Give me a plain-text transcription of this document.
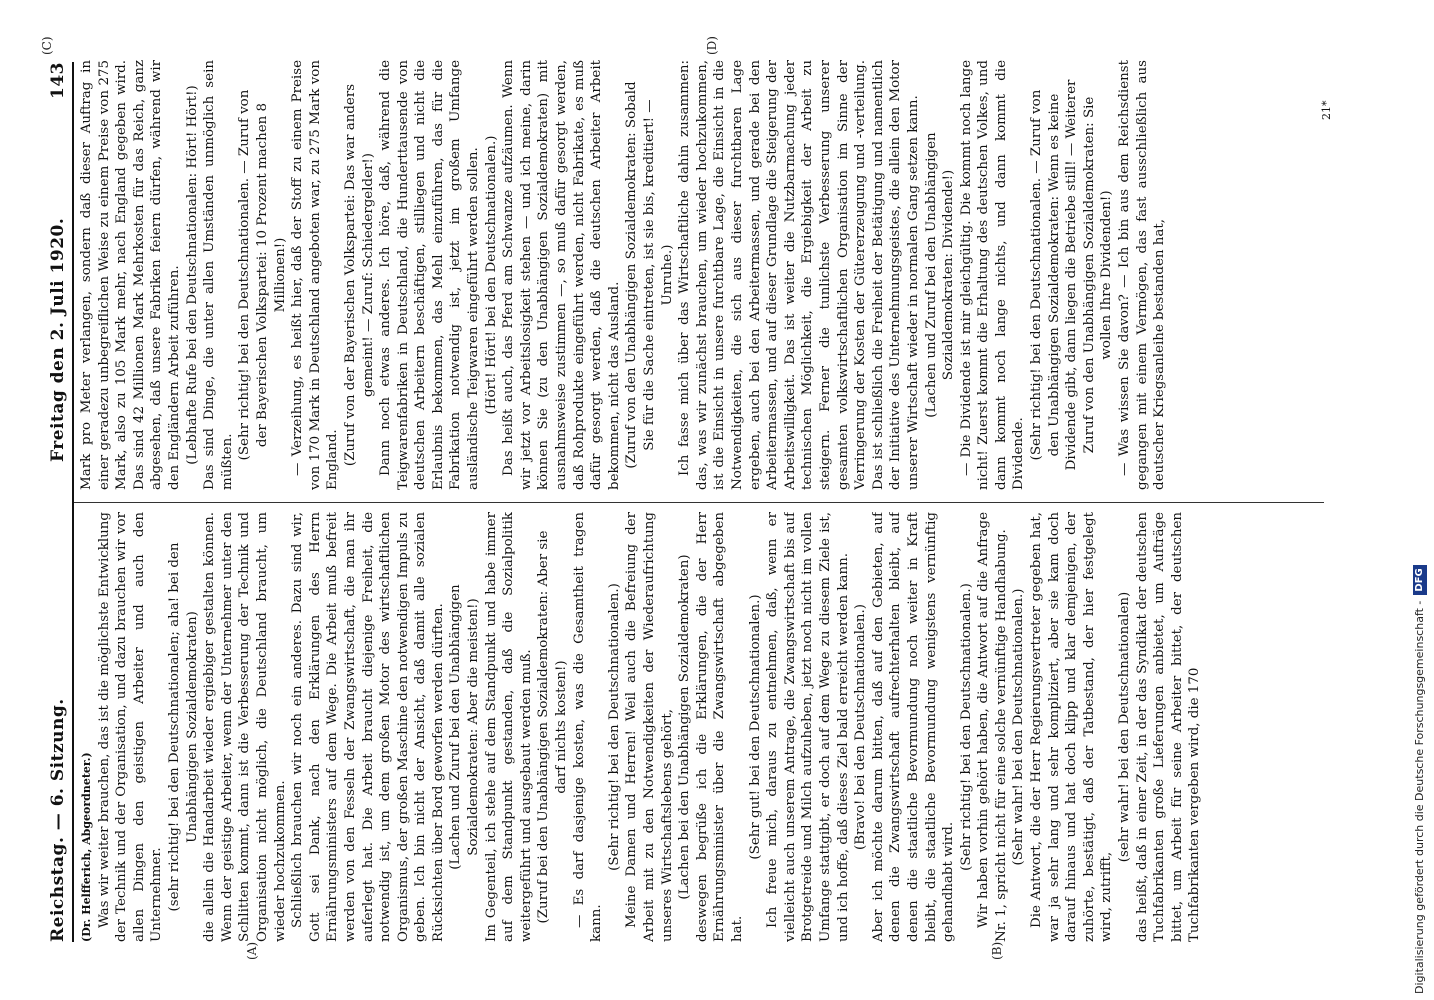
Reichstag. — 6. Sitzung.
Freitag den 2. Juli 1920.
143
(A)	(B)
(C)	(D)

(Dr. Helfferich, Abgeordneter.) Was wir weiter brauchen, das ist die möglichste Entwicklung der Technik und der Organisation, und dazu brauchen wir vor allen Dingen den geistigen Arbeiter und auch den Unternehmer. (sehr richtig! bei den Deutschnationalen; aha! bei den Unabhängigen Sozialdemokraten) die allein die Handarbeit wieder ergiebiger gestalten können. Wenn der geistige Arbeiter, wenn der Unternehmer unter den Schlitten kommt, dann ist die Verbesserung der Technik und Organisation nicht möglich, die Deutschland braucht, um wieder hochzukommen. Schließlich brauchen wir noch ein anderes. Dazu sind wir, Gott sei Dank, nach den Erklärungen des Herrn Ernährungsministers auf dem Wege. Die Arbeit muß befreit werden von den Fesseln der Zwangswirtschaft, die man ihr auferlegt hat. Die Arbeit braucht diejenige Freiheit, die notwendig ist, um dem großen Motor des wirtschaftlichen Organismus, der großen Maschine den notwendigen Impuls zu geben. Ich bin nicht der Ansicht, daß damit alle sozialen Rücksichten über Bord geworfen werden dürften. (Lachen und Zuruf bei den Unabhängigen Sozialdemokraten: Aber die meisten!) Im Gegenteil, ich stehe auf dem Standpunkt und habe immer auf dem Standpunkt gestanden, daß die Sozialpolitik weitergeführt und ausgebaut werden muß. (Zuruf bei den Unabhängigen Sozialdemokraten: Aber sie darf nichts kosten!) — Es darf dasjenige kosten, was die Gesamtheit tragen kann.

(Sehr richtig! bei den Deutschnationalen.) Meine Damen und Herren! Weil auch die Befreiung der Arbeit mit zu den Notwendigkeiten der Wiederaufrichtung unseres Wirtschaftslebens gehört, (Lachen bei den Unabhängigen Sozialdemokraten) deswegen begrüße ich die Erklärungen, die der Herr Ernährungsminister über die Zwangswirtschaft abgegeben hat.

(Sehr gut! bei den Deutschnationalen.) Ich freue mich, daraus zu entnehmen, daß, wenn er vielleicht auch unserem Antrage, die Zwangswirtschaft bis auf Brotgetreide und Milch aufzuheben, jetzt noch nicht im vollen Umfange stattgibt, er doch auf dem Wege zu diesem Ziele ist, und ich hoffe, daß dieses Ziel bald erreicht werden kann. (Bravo! bei den Deutschnationalen.) Aber ich möchte darum bitten, daß auf den Gebieten, auf denen die Zwangswirtschaft aufrechterhalten bleibt, auf denen die staatliche Bevormundung noch weiter in Kraft bleibt, die staatliche Bevormundung wenigstens vernünftig gehandhabt wird.

(Sehr richtig! bei den Deutschnationalen.) Wir haben vorhin gehört haben, die Antwort auf die Anfrage Nr. 1, spricht nicht für eine solche vernünftige Handhabung. (Sehr wahr! bei den Deutschnationalen.) Die Antwort, die der Herr Regierungsvertreter gegeben hat, war ja sehr lang und sehr kompliziert, aber sie kam doch darauf hinaus und hat doch klipp und klar demjenigen, der zuhörte, bestätigt, daß der Tatbestand, der hier festgelegt wird, zutrifft,

(sehr wahr! bei den Deutschnationalen) das heißt, daß in einer Zeit, in der das Syndikat der deutschen Tuchfabrikanten große Lieferungen anbietet, um Aufträge bittet, um Arbeit für seine Arbeiter bittet, der deutschen Tuchfabrikanten vergeben wird, die 170

Mark pro Meter verlangen, sondern daß dieser Auftrag in einer geradezu unbegreiflichen Weise zu einem Preise von 275 Mark, also zu 105 Mark mehr, nach England gegeben wird. Das sind 42 Millionen Mark Mehrkosten für das Reich, ganz abgesehen, daß unsere Fabriken feiern dürfen, während wir den Engländern Arbeit zuführen. (Lebhafte Rufe bei den Deutschnationalen: Hört! Hört!) Das sind Dinge, die unter allen Umständen unmöglich sein müßten.

(Sehr richtig! bei den Deutschnationalen. — Zuruf von der Bayerischen Volkspartei: 10 Prozent machen 8 Millionen!) — Verzeihung, es heißt hier, daß der Stoff zu einem Preise von 170 Mark in Deutschland angeboten war, zu 275 Mark von England. (Zuruf von der Bayerischen Volkspartei: Das war anders gemeint! — Zuruf: Schiedergelder!) Dann noch etwas anderes. Ich höre, daß, während die Teigwarenfabriken in Deutschland, die Hunderttausende von deutschen Arbeitern beschäftigen, stilliegen und nicht die Erlaubnis bekommen, das Mehl einzuführen, das für die Fabrikation notwendig ist, jetzt im großem Umfange ausländische Teigwaren eingeführt werden sollen. (Hört! Hört! bei den Deutschnationalen.) Das heißt auch, das Pferd am Schwanze aufzäumen. Wenn wir jetzt vor Arbeitslosigkeit stehen — und ich meine, darin können Sie (zu den Unabhängigen Sozialdemokraten) mit ausnahmsweise zustimmen —, so muß dafür gesorgt werden, daß Rohprodukte eingeführt werden, nicht Fabrikate, es muß dafür gesorgt werden, daß die deutschen Arbeiter Arbeit bekommen, nicht das Ausland. (Zuruf von den Unabhängigen Sozialdemokraten: Sobald Sie für die Sache eintreten, ist sie bis, kreditiert! — Unruhe.) Ich fasse mich über das Wirtschaftliche dahin zusammen: das, was wir zunächst brauchen, um wieder hochzukommen, ist die Einsicht in unsere furchtbare Lage, die Einsicht in die Notwendigkeiten, die sich aus dieser furchtbaren Lage ergeben, auch bei den Arbeitermassen, und gerade bei den Arbeitermassen, und auf dieser Grundlage die Steigerung der Arbeitswilligkeit. Das ist weiter die Nutzbarmachung jeder technischen Möglichkeit, die Ergiebigkeit der Arbeit zu steigern. Ferner die tunlichste Verbesserung unserer gesamten volkswirtschaftlichen Organisation im Sinne der Verringerung der Kosten der Gütererzeugung und -verteilung. Das ist schließlich die Freiheit der Betätigung und namentlich der Initiative des Unternehmungsgeistes, die allein den Motor unserer Wirtschaft wieder in normalen Gang setzen kann. (Lachen und Zuruf bei den Unabhängigen Sozialdemokraten: Dividende!) — Die Dividende ist mir gleichgültig. Die kommt noch lange nicht! Zuerst kommt die Erhaltung des deutschen Volkes, und dann kommt noch lange nichts, und dann kommt die Dividende. (Sehr richtig! bei den Deutschnationalen. — Zuruf von den Unabhängigen Sozialdemokraten: Wenn es keine Dividende gibt, dann liegen die Betriebe still! — Weiterer Zuruf von den Unabhängigen Sozialdemokraten: Sie wollen Ihre Dividenden!) — Was wissen Sie davon? — Ich bin aus dem Reichsdienst gegangen mit einem Vermögen, das fast ausschließlich aus deutscher Kriegsanleihe bestanden hat,

21*
Digitalisierung gefördert durch die Deutsche Forschungsgemeinschaft -DFG
